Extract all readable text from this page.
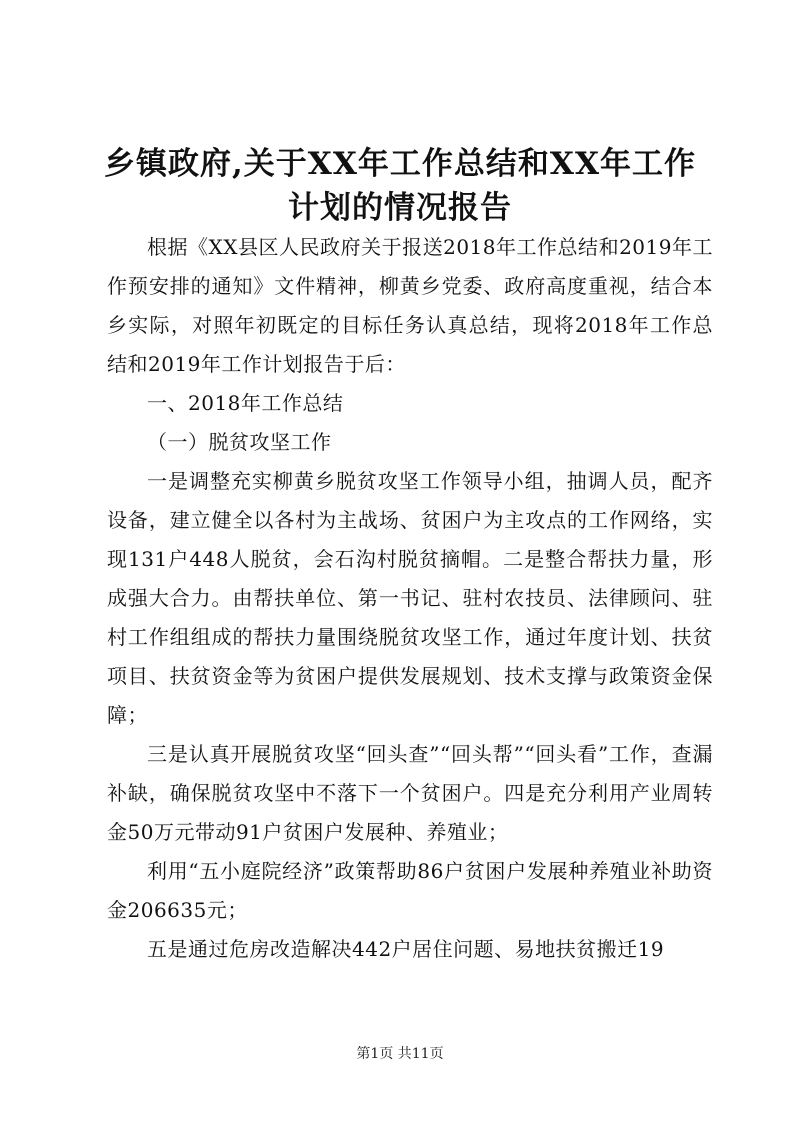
乡镇政府,关于XX年工作总结和XX年工作计划的情况报告

根据《XX县区人民政府关于报送2018年工作总结和2019年工作预安排的通知》文件精神，柳黄乡党委、政府高度重视，结合本乡实际，对照年初既定的目标任务认真总结，现将2018年工作总结和2019年工作计划报告于后：

一、2018年工作总结

（一）脱贫攻坚工作

一是调整充实柳黄乡脱贫攻坚工作领导小组，抽调人员，配齐设备，建立健全以各村为主战场、贫困户为主攻点的工作网络，实现131户448人脱贫，会石沟村脱贫摘帽。二是整合帮扶力量，形成强大合力。由帮扶单位、第一书记、驻村农技员、法律顾问、驻村工作组组成的帮扶力量围绕脱贫攻坚工作，通过年度计划、扶贫项目、扶贫资金等为贫困户提供发展规划、技术支撑与政策资金保障；

三是认真开展脱贫攻坚“回头查”“回头帮”“回头看”工作，查漏补缺，确保脱贫攻坚中不落下一个贫困户。四是充分利用产业周转金50万元带动91户贫困户发展种、养殖业；

利用“五小庭院经济”政策帮助86户贫困户发展种养殖业补助资金206635元；

五是通过危房改造解决442户居住问题、易地扶贫搬迁19

第1页 共11页
